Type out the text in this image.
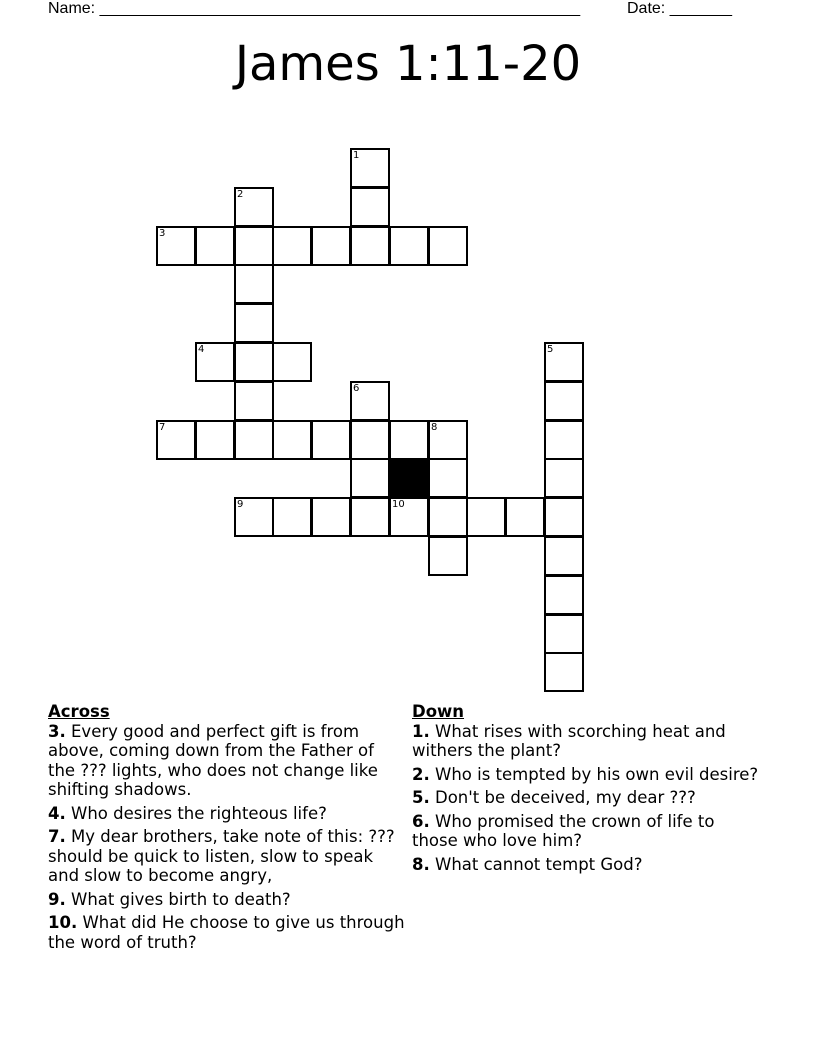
Name: ______________________________________________________	Date: _______
James 1:11-20
1
2
3
4	5
6
7	8
9	10
Across
3. Every good and perfect gift is from above, coming down from the Father of the ??? lights, who does not change like shifting shadows.
4. Who desires the righteous life?
7. My dear brothers, take note of this: ??? should be quick to listen, slow to speak and slow to become angry,
9. What gives birth to death?
10. What did He choose to give us through the word of truth?
Down
1. What rises with scorching heat and withers the plant?
2. Who is tempted by his own evil desire?
5. Don't be deceived, my dear ???
6. Who promised the crown of life to those who love him?
8. What cannot tempt God?
